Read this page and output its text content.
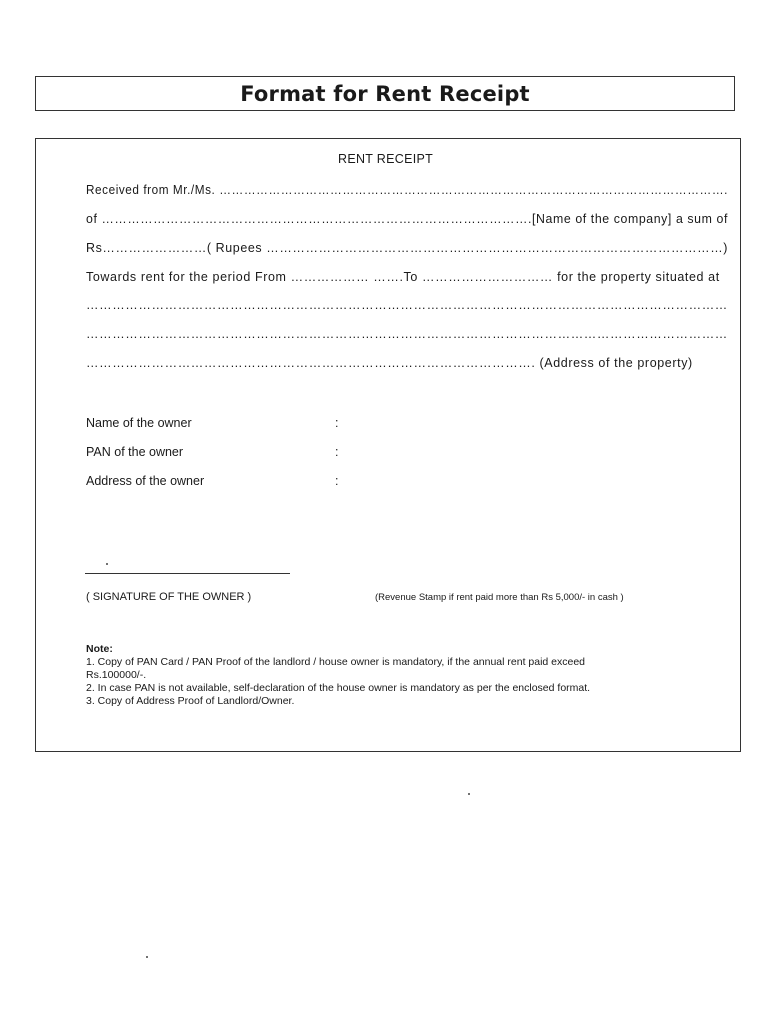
Format for Rent Receipt
RENT RECEIPT
Received from Mr./Ms. …………………………………………………………………………………………………………….
of ……………………………………………………………………………………….[Name of the company] a sum of
Rs……………………( Rupees ……………………………………………………………………………………………)
Towards rent for the period From ……………… …….To ………………………… for the property situated at
…………………………………………………………………………………………………………………………………
…………………………………………………………………………………………………………………………………
…………………………………………………………………………………………. (Address of the property)
Name of the owner	:
PAN of the owner	:
Address of the owner	:
( SIGNATURE OF THE OWNER )	(Revenue Stamp if rent paid more than Rs 5,000/- in cash )
Note:
1. Copy of PAN Card / PAN Proof of the landlord / house owner is mandatory, if the annual rent paid exceed
Rs.100000/-.
2. In case PAN is not available, self-declaration of the house owner is mandatory as per the enclosed format.
3. Copy of Address Proof of Landlord/Owner.
